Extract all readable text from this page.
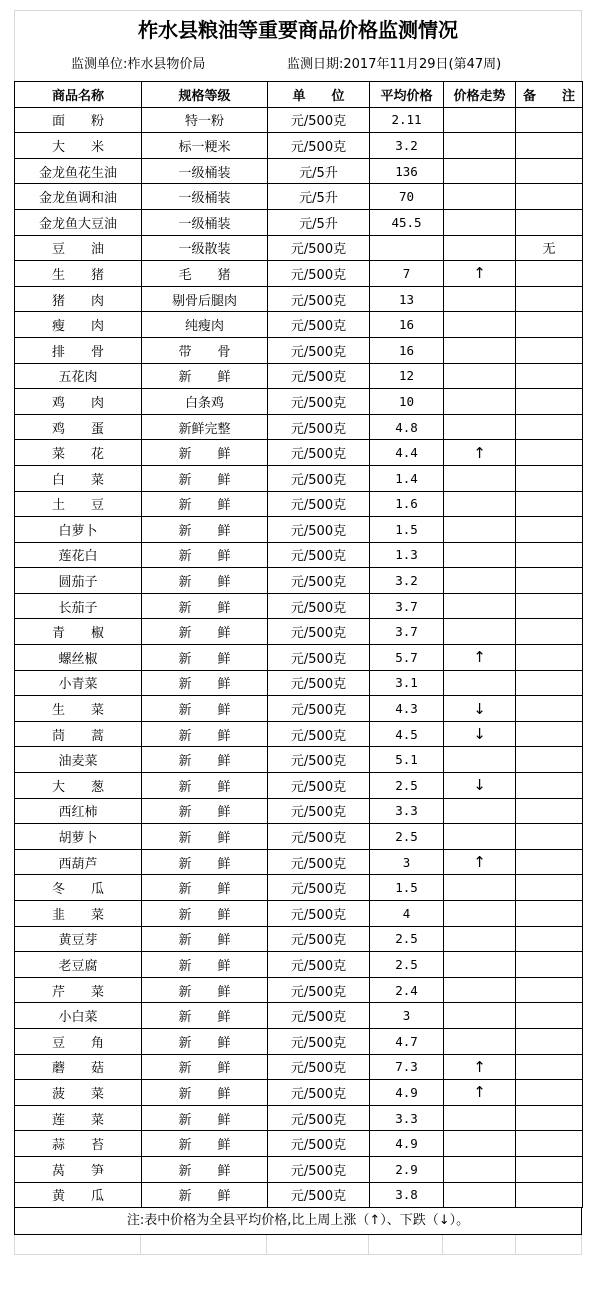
柞水县粮油等重要商品价格监测情况
监测单位:柞水县物价局	监测日期:2017年11月29日(第47周)
商品名称	规格等级	单　　位	平均价格	价格走势	备　　注
面　　粉	特一粉	元/500克	2.11		
大　　米	标一粳米	元/500克	3.2		
金龙鱼花生油	一级桶装	元/5升	136		
金龙鱼调和油	一级桶装	元/5升	70		
金龙鱼大豆油	一级桶装	元/5升	45.5		
豆　　油	一级散装	元/500克			无
生　　猪	毛　　猪	元/500克	7	↑	
猪　　肉	剔骨后腿肉	元/500克	13		
瘦　　肉	纯瘦肉	元/500克	16		
排　　骨	带　　骨	元/500克	16		
五花肉	新　　鲜	元/500克	12		
鸡　　肉	白条鸡	元/500克	10		
鸡　　蛋	新鲜完整	元/500克	4.8		
菜　　花	新　　鲜	元/500克	4.4	↑	
白　　菜	新　　鲜	元/500克	1.4		
土　　豆	新　　鲜	元/500克	1.6		
白萝卜	新　　鲜	元/500克	1.5		
莲花白	新　　鲜	元/500克	1.3		
圆茄子	新　　鲜	元/500克	3.2		
长茄子	新　　鲜	元/500克	3.7		
青　　椒	新　　鲜	元/500克	3.7		
螺丝椒	新　　鲜	元/500克	5.7	↑	
小青菜	新　　鲜	元/500克	3.1		
生　　菜	新　　鲜	元/500克	4.3	↓	
茼　　蒿	新　　鲜	元/500克	4.5	↓	
油麦菜	新　　鲜	元/500克	5.1		
大　　葱	新　　鲜	元/500克	2.5	↓	
西红柿	新　　鲜	元/500克	3.3		
胡萝卜	新　　鲜	元/500克	2.5		
西葫芦	新　　鲜	元/500克	3	↑	
冬　　瓜	新　　鲜	元/500克	1.5		
韭　　菜	新　　鲜	元/500克	4		
黄豆芽	新　　鲜	元/500克	2.5		
老豆腐	新　　鲜	元/500克	2.5		
芹　　菜	新　　鲜	元/500克	2.4		
小白菜	新　　鲜	元/500克	3		
豆　　角	新　　鲜	元/500克	4.7		
蘑　　菇	新　　鲜	元/500克	7.3	↑	
菠　　菜	新　　鲜	元/500克	4.9	↑	
莲　　菜	新　　鲜	元/500克	3.3		
蒜　　苔	新　　鲜	元/500克	4.9		
莴　　笋	新　　鲜	元/500克	2.9		
黄　　瓜	新　　鲜	元/500克	3.8		
注:表中价格为全县平均价格,比上周上涨（↑）、下跌（↓）。
